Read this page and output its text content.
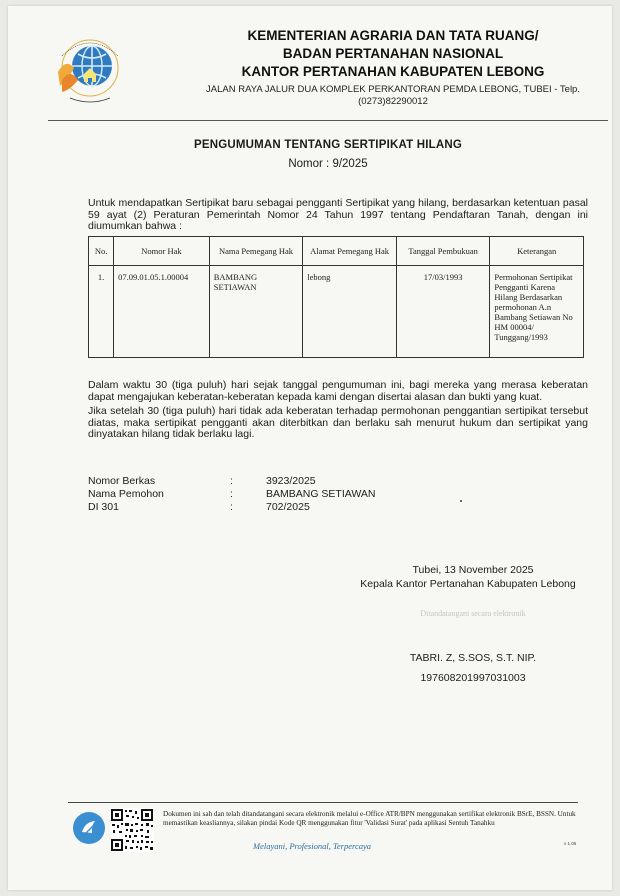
KEMENTERIAN AGRARIA DAN TATA RUANG/
BADAN PERTANAHAN NASIONAL
KANTOR PERTANAHAN KABUPATEN LEBONG
JALAN RAYA JALUR DUA KOMPLEK PERKANTORAN PEMDA LEBONG, TUBEI - Telp. (0273)82290012
PENGUMUMAN TENTANG SERTIPIKAT HILANG
Nomor : 9/2025
Untuk mendapatkan Sertipikat baru sebagai pengganti Sertipikat yang hilang, berdasarkan ketentuan pasal 59 ayat (2) Peraturan Pemerintah Nomor 24 Tahun 1997 tentang Pendaftaran Tanah, dengan ini diumumkan bahwa :
No.	Nomor Hak	Nama Pemegang Hak	Alamat Pemegang Hak	Tanggal Pembukuan	Keterangan
1.	07.09.01.05.1.00004	BAMBANG SETIAWAN	lebong	17/03/1993	Permohonan Sertipikat Pengganti Karena Hilang Berdasarkan permohonan A.n Bambang Setiawan No HM 00004/ Tunggang/1993
Dalam waktu 30 (tiga puluh) hari sejak tanggal pengumuman ini, bagi mereka yang merasa keberatan dapat mengajukan keberatan-keberatan kepada kami dengan disertai alasan dan bukti yang kuat.
Jika setelah 30 (tiga puluh) hari tidak ada keberatan terhadap permohonan penggantian sertipikat tersebut diatas, maka sertipikat pengganti akan diterbitkan dan berlaku sah menurut hukum dan sertipikat yang dinyatakan hilang tidak berlaku lagi.
Nomor Berkas	:	3923/2025
Nama Pemohon	:	BAMBANG SETIAWAN
DI 301	:	702/2025
Tubei, 13 November 2025
Kepala Kantor Pertanahan Kabupaten Lebong
Ditandatangani secara elektronik
TABRI. Z, S.SOS, S.T. NIP.
197608201997031003
Dokumen ini sah dan telah ditandatangani secara elektronik melalui e-Office ATR/BPN menggunakan sertifikat elektronik BSrE, BSSN. Untuk memastikan keasliannya, silakan pindai Kode QR menggunakan fitur 'Validasi Surat' pada aplikasi Sentuh Tanahku
Melayani, Profesional, Terpercaya	v 1.06
